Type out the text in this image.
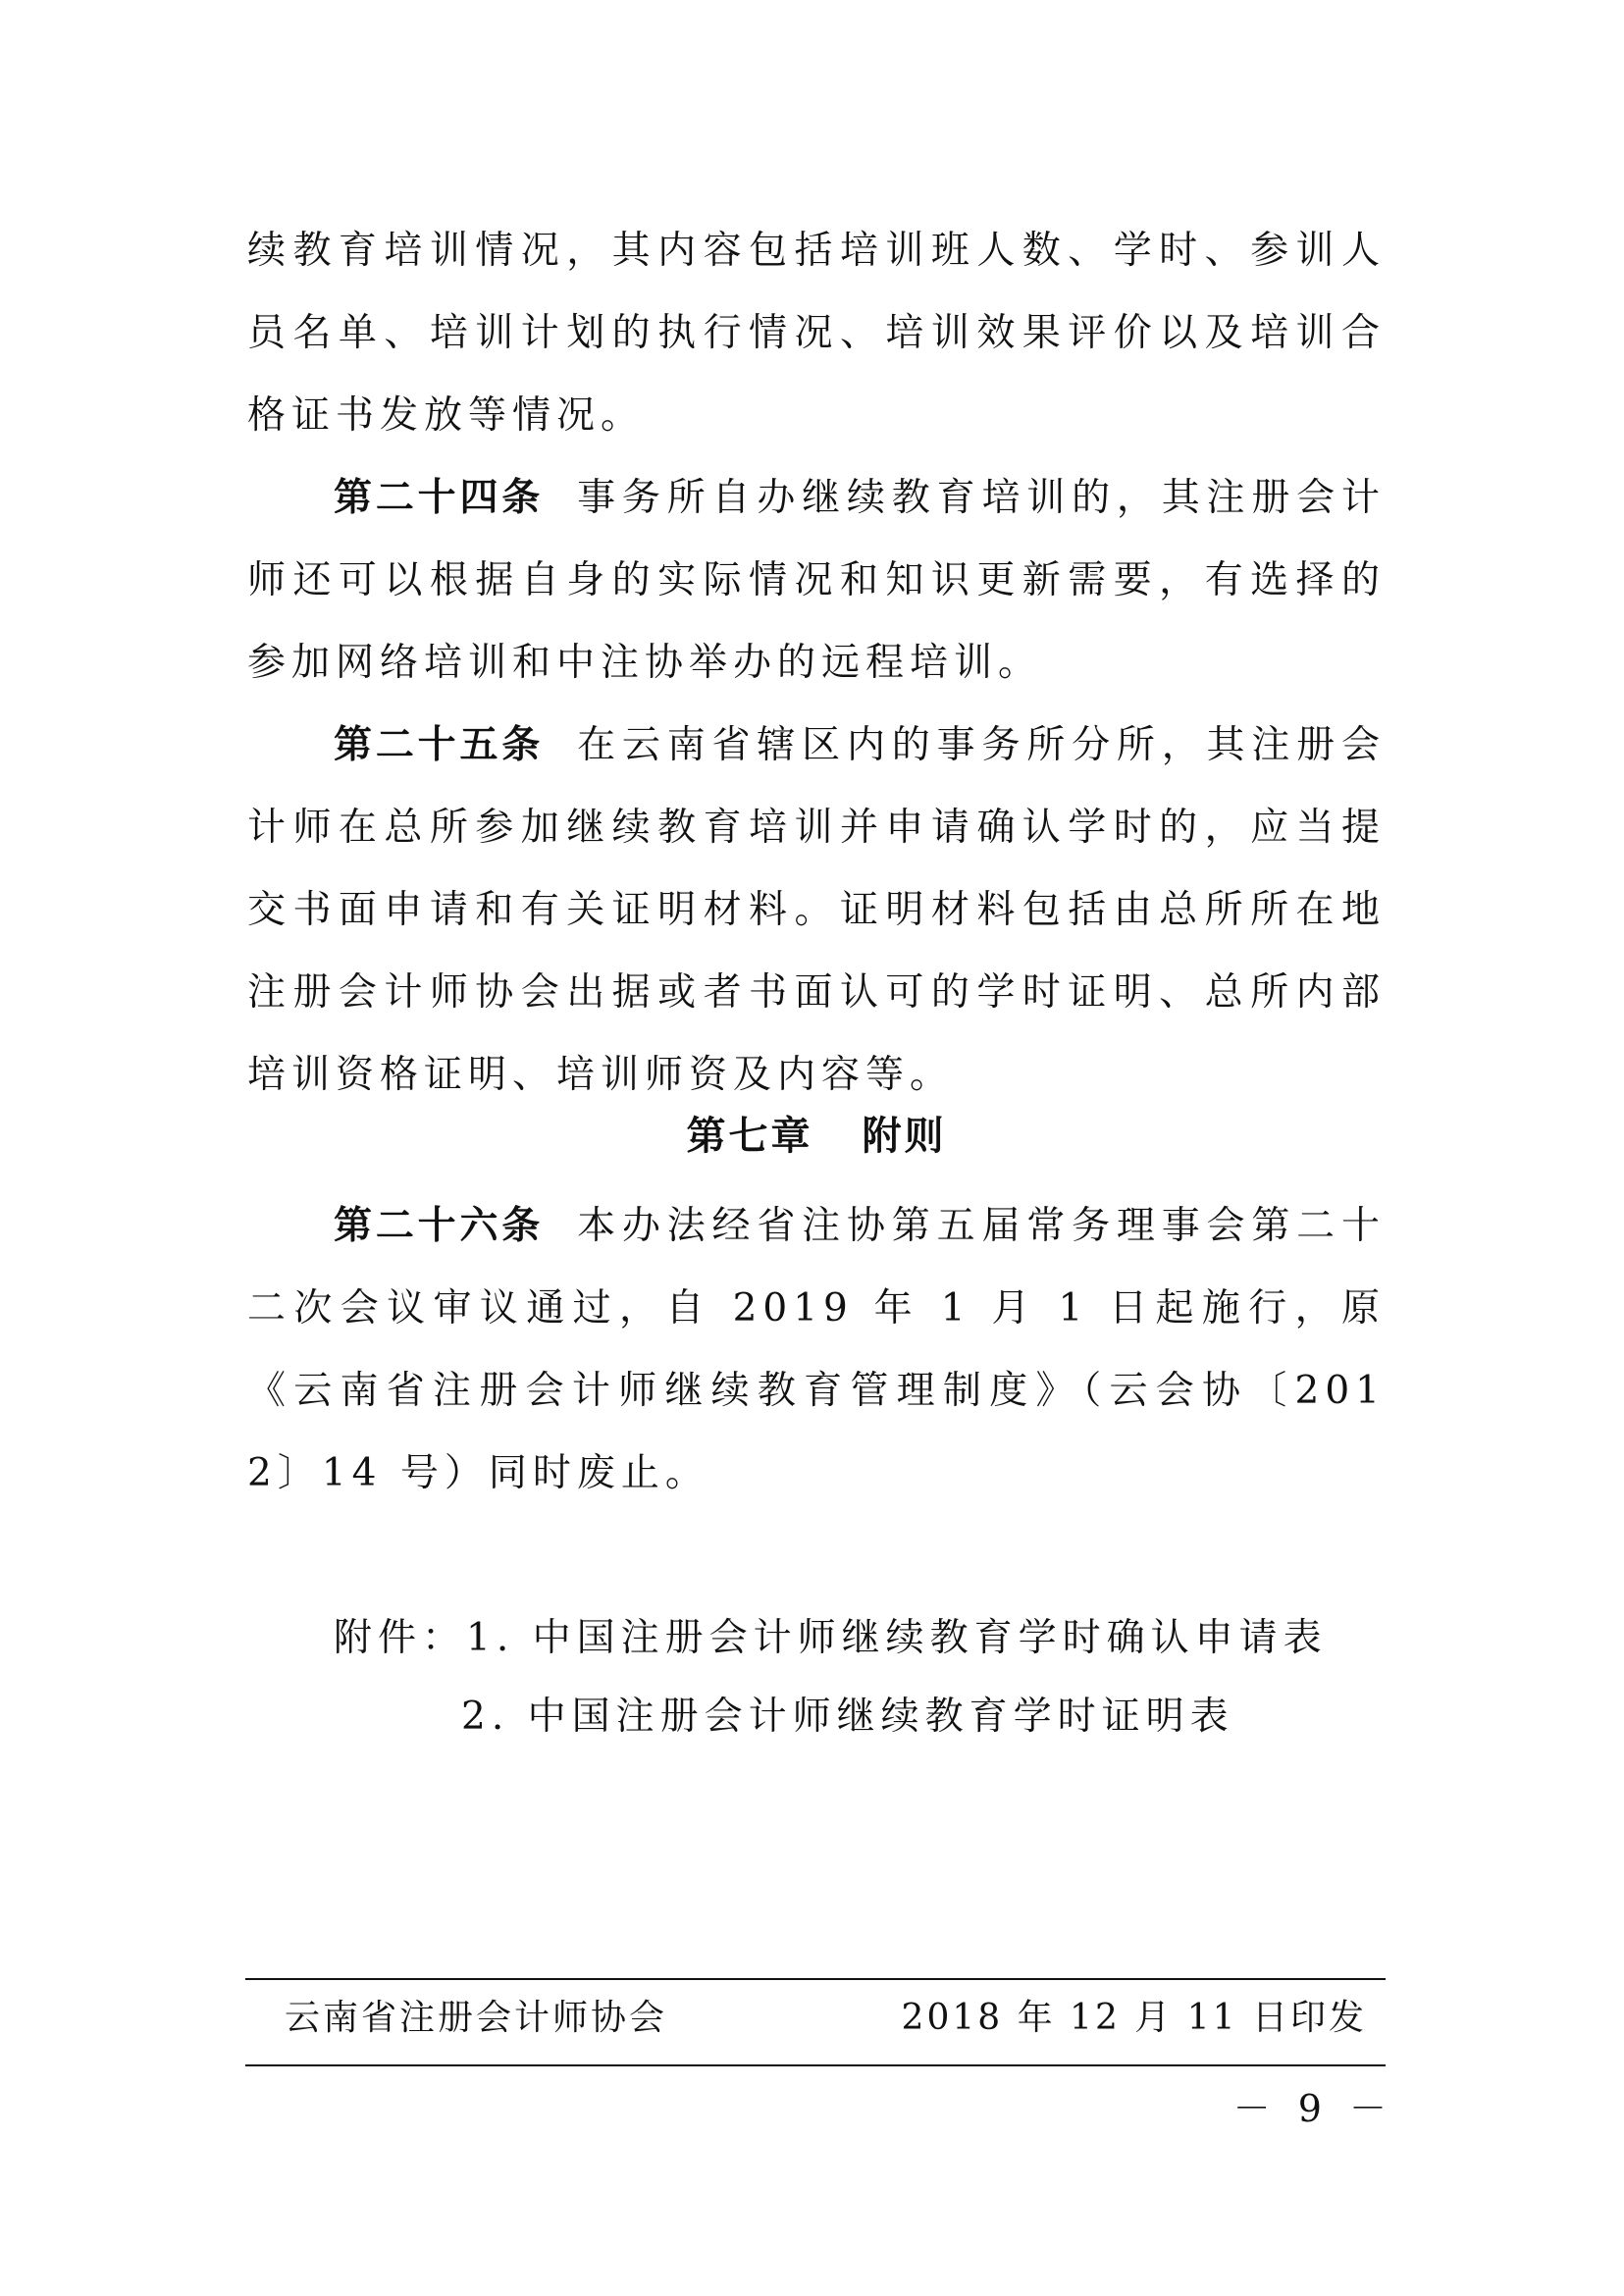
续教育培训情况，其内容包括培训班人数、学时、参训人员名单、培训计划的执行情况、培训效果评价以及培训合格证书发放等情况。

第二十四条 事务所自办继续教育培训的，其注册会计师还可以根据自身的实际情况和知识更新需要，有选择的参加网络培训和中注协举办的远程培训。

第二十五条 在云南省辖区内的事务所分所，其注册会计师在总所参加继续教育培训并申请确认学时的，应当提交书面申请和有关证明材料。证明材料包括由总所所在地注册会计师协会出据或者书面认可的学时证明、总所内部培训资格证明、培训师资及内容等。

第七章 附则

第二十六条 本办法经省注协第五届常务理事会第二十二次会议审议通过，自 2019 年 1 月 1 日起施行，原《云南省注册会计师继续教育管理制度》（云会协〔2012〕14 号）同时废止。

附件：1. 中国注册会计师继续教育学时确认申请表
2. 中国注册会计师继续教育学时证明表
云南省注册会计师协会	2018 年 12 月 11 日印发
－ 9 －
